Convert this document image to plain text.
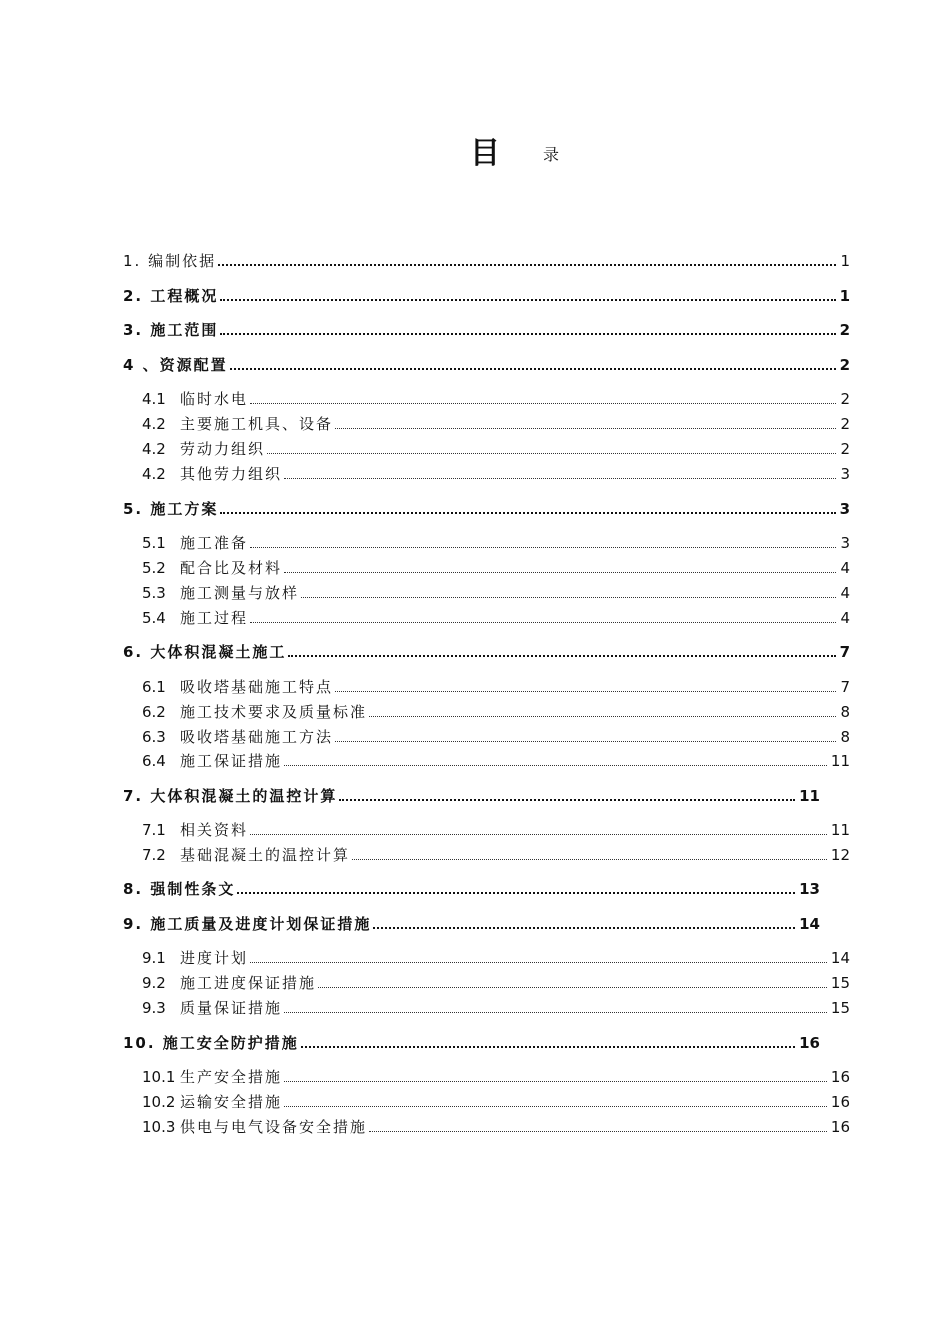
目	录
1. 编制依据	1
2. 工程概况	1
3. 施工范围	2
4 、资源配置	2
4.1 临时水电	2
4.2 主要施工机具、设备	2
4.2 劳动力组织	2
4.2 其他劳力组织	3
5. 施工方案	3
5.1 施工准备	3
5.2 配合比及材料	4
5.3 施工测量与放样	4
5.4 施工过程	4
6. 大体积混凝土施工	7
6.1 吸收塔基础施工特点	7
6.2 施工技术要求及质量标准	8
6.3 吸收塔基础施工方法	8
6.4 施工保证措施	11
7. 大体积混凝土的温控计算	11
7.1 相关资料	11
7.2 基础混凝土的温控计算	12
8. 强制性条文	13
9. 施工质量及进度计划保证措施	14
9.1 进度计划	14
9.2 施工进度保证措施	15
9.3 质量保证措施	15
10. 施工安全防护措施	16
10.1 生产安全措施	16
10.2 运输安全措施	16
10.3 供电与电气设备安全措施	16
